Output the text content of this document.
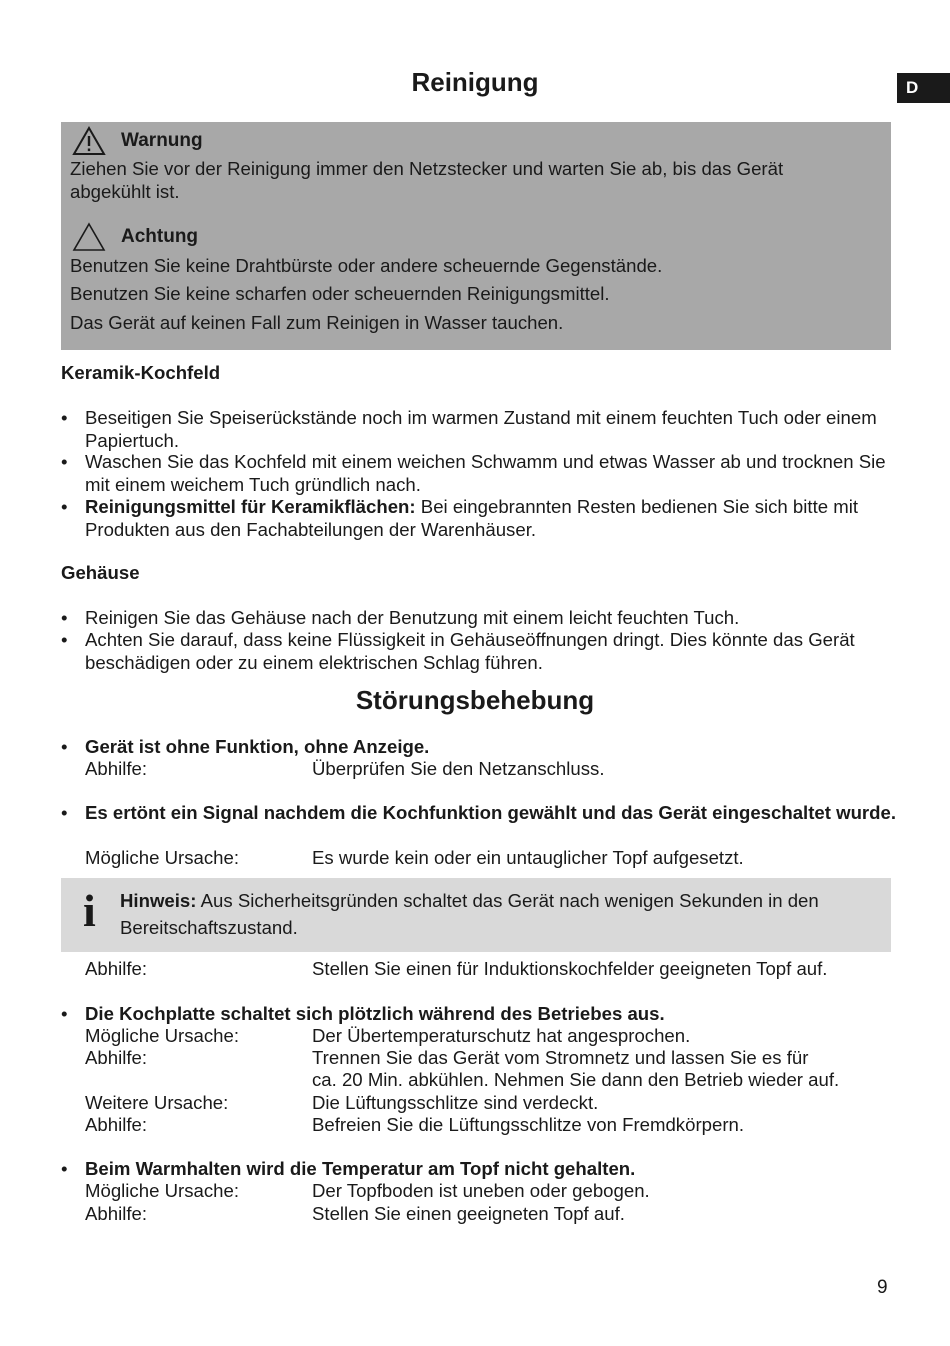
D
Reinigung
Warnung
Ziehen Sie vor der Reinigung immer den Netzstecker und warten Sie ab, bis das Gerät
abgekühlt ist.
Achtung
Benutzen Sie keine Drahtbürste oder andere scheuernde Gegenstände.
Benutzen Sie keine scharfen oder scheuernden Reinigungsmittel.
Das Gerät auf keinen Fall zum Reinigen in Wasser tauchen.
Keramik-Kochfeld
• Beseitigen Sie Speiserückstände noch im warmen Zustand mit einem feuchten Tuch oder einem Papiertuch.
• Waschen Sie das Kochfeld mit einem weichen Schwamm und etwas Wasser ab und trocknen Sie mit einem weichem Tuch gründlich nach.
• Reinigungsmittel für Keramikflächen: Bei eingebrannten Resten bedienen Sie sich bitte mit Produkten aus den Fachabteilungen der Warenhäuser.
Gehäuse
• Reinigen Sie das Gehäuse nach der Benutzung mit einem leicht feuchten Tuch.
• Achten Sie darauf, dass keine Flüssigkeit in Gehäuseöffnungen dringt. Dies könnte das Gerät beschädigen oder zu einem elektrischen Schlag führen.
Störungsbehebung
• Gerät ist ohne Funktion, ohne Anzeige.
Abhilfe:	Überprüfen Sie den Netzanschluss.
• Es ertönt ein Signal nachdem die Kochfunktion gewählt und das Gerät eingeschaltet wurde.
Mögliche Ursache:	Es wurde kein oder ein untauglicher Topf aufgesetzt.
i Hinweis: Aus Sicherheitsgründen schaltet das Gerät nach wenigen Sekunden in den Bereitschaftszustand.
Abhilfe:	Stellen Sie einen für Induktionskochfelder geeigneten Topf auf.
• Die Kochplatte schaltet sich plötzlich während des Betriebes aus.
Mögliche Ursache:	Der Übertemperaturschutz hat angesprochen.
Abhilfe:	Trennen Sie das Gerät vom Stromnetz und lassen Sie es für
ca. 20 Min. abkühlen. Nehmen Sie dann den Betrieb wieder auf.
Weitere Ursache:	Die Lüftungsschlitze sind verdeckt.
Abhilfe:	Befreien Sie die Lüftungsschlitze von Fremdkörpern.
• Beim Warmhalten wird die Temperatur am Topf nicht gehalten.
Mögliche Ursache:	Der Topfboden ist uneben oder gebogen.
Abhilfe:	Stellen Sie einen geeigneten Topf auf.
9
